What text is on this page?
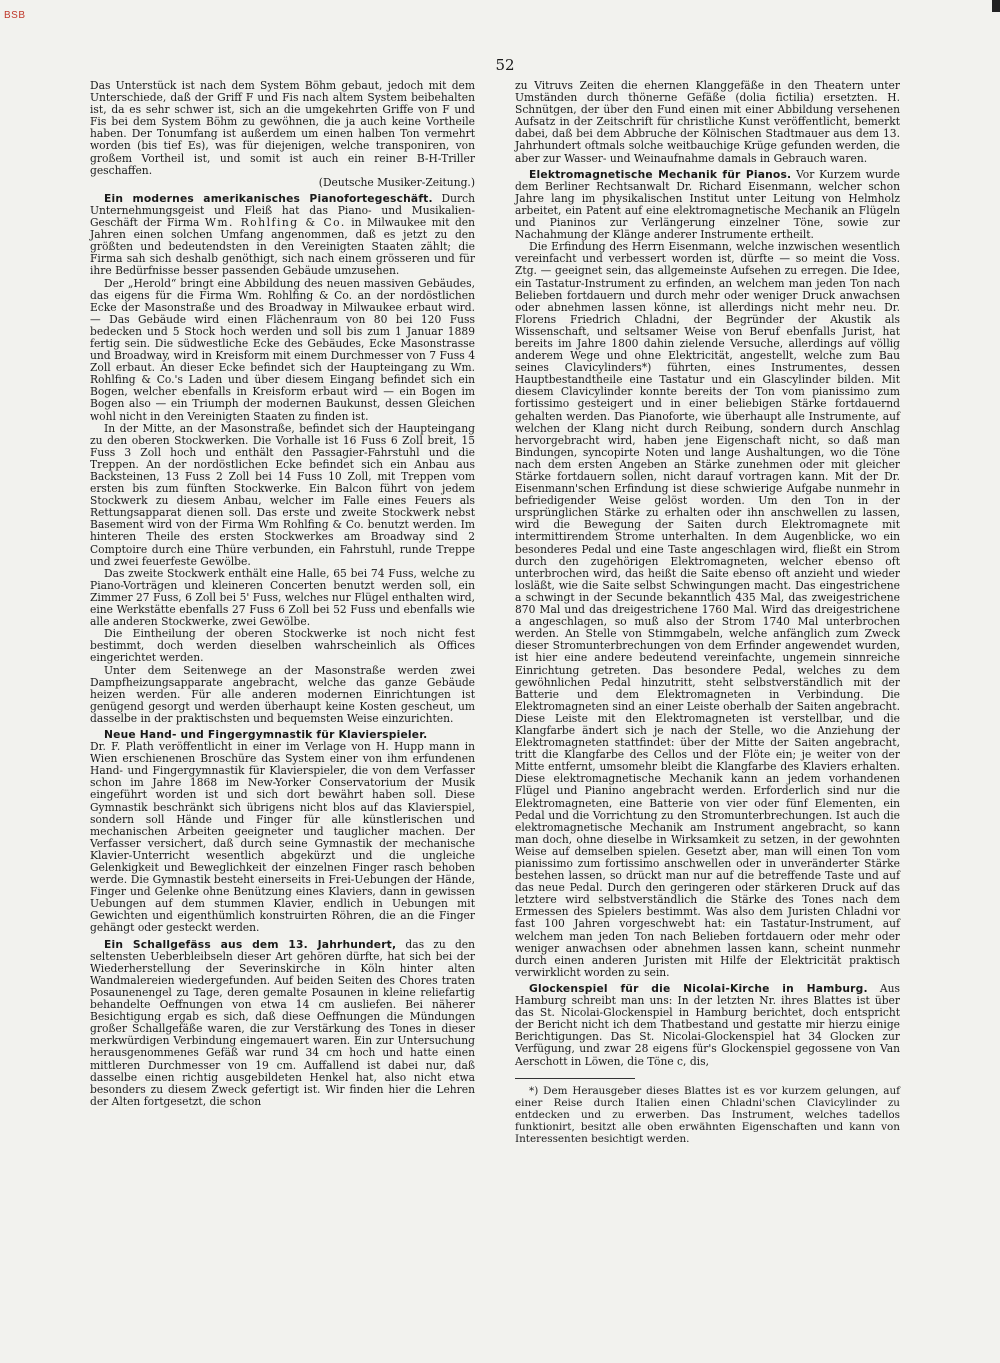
BSB
52

Das Unterstück ist nach dem System Böhm gebaut, jedoch mit dem Unterschiede, daß der Griff F und Fis nach altem System beibehalten ist, da es sehr schwer ist, sich an die umgekehrten Griffe von F und Fis bei dem System Böhm zu gewöhnen, die ja auch keine Vortheile haben. Der Tonumfang ist außerdem um einen halben Ton vermehrt worden (bis tief Es), was für diejenigen, welche transponiren, von großem Vortheil ist, und somit ist auch ein reiner B-H-Triller geschaffen.

(Deutsche Musiker-Zeitung.)

Ein modernes amerikanisches Pianofortegeschäft. Durch Unternehmungsgeist und Fleiß hat das Piano- und Musikalien-Geschäft der Firma Wm. Rohlfing & Co. in Milwaukee mit den Jahren einen solchen Umfang angenommen, daß es jetzt zu den größten und bedeutendsten in den Vereinigten Staaten zählt; die Firma sah sich deshalb genöthigt, sich nach einem grösseren und für ihre Bedürfnisse besser passenden Gebäude umzusehen.

Der „Herold“ bringt eine Abbildung des neuen massiven Gebäudes, das eigens für die Firma Wm. Rohlfing & Co. an der nordöstlichen Ecke der Masonstraße und des Broadway in Milwaukee erbaut wird. — Das Gebäude wird einen Flächenraum von 80 bei 120 Fuss bedecken und 5 Stock hoch werden und soll bis zum 1 Januar 1889 fertig sein. Die südwestliche Ecke des Gebäudes, Ecke Masonstrasse und Broadway, wird in Kreisform mit einem Durchmesser von 7 Fuss 4 Zoll erbaut. An dieser Ecke befindet sich der Haupteingang zu Wm. Rohlfing & Co.'s Laden und über diesem Eingang befindet sich ein Bogen, welcher ebenfalls in Kreisform erbaut wird — ein Bogen im Bogen also — ein Triumph der modernen Baukunst, dessen Gleichen wohl nicht in den Vereinigten Staaten zu finden ist.

In der Mitte, an der Masonstraße, befindet sich der Haupteingang zu den oberen Stockwerken. Die Vorhalle ist 16 Fuss 6 Zoll breit, 15 Fuss 3 Zoll hoch und enthält den Passagier-Fahrstuhl und die Treppen. An der nordöstlichen Ecke befindet sich ein Anbau aus Backsteinen, 13 Fuss 2 Zoll bei 14 Fuss 10 Zoll, mit Treppen vom ersten bis zum fünften Stockwerke. Ein Balcon führt von jedem Stockwerk zu diesem Anbau, welcher im Falle eines Feuers als Rettungsapparat dienen soll. Das erste und zweite Stockwerk nebst Basement wird von der Firma Wm Rohlfing & Co. benutzt werden. Im hinteren Theile des ersten Stockwerkes am Broadway sind 2 Comptoire durch eine Thüre verbunden, ein Fahrstuhl, runde Treppe und zwei feuerfeste Gewölbe.

Das zweite Stockwerk enthält eine Halle, 65 bei 74 Fuss, welche zu Piano-Vorträgen und kleineren Concerten benutzt werden soll, ein Zimmer 27 Fuss, 6 Zoll bei 5' Fuss, welches nur Flügel enthalten wird, eine Werkstätte ebenfalls 27 Fuss 6 Zoll bei 52 Fuss und ebenfalls wie alle anderen Stockwerke, zwei Gewölbe.

Die Eintheilung der oberen Stockwerke ist noch nicht fest bestimmt, doch werden dieselben wahrscheinlich als Offices eingerichtet werden.

Unter dem Seitenwege an der Masonstraße werden zwei Dampfheizungsapparate angebracht, welche das ganze Gebäude heizen werden. Für alle anderen modernen Einrichtungen ist genügend gesorgt und werden überhaupt keine Kosten gescheut, um dasselbe in der praktischsten und bequemsten Weise einzurichten.

Neue Hand- und Fingergymnastik für Klavierspieler.

Dr. F. Plath veröffentlicht in einer im Verlage von H. Hupp mann in Wien erschienenen Broschüre das System einer von ihm erfundenen Hand- und Fingergymnastik für Klavierspieler, die von dem Verfasser schon im Jahre 1868 im New-Yorker Conservatorium der Musik eingeführt worden ist und sich dort bewährt haben soll. Diese Gymnastik beschränkt sich übrigens nicht blos auf das Klavierspiel, sondern soll Hände und Finger für alle künstlerischen und mechanischen Arbeiten geeigneter und tauglicher machen. Der Verfasser versichert, daß durch seine Gymnastik der mechanische Klavier-Unterricht wesentlich abgekürzt und die ungleiche Gelenkigkeit und Beweglichkeit der einzelnen Finger rasch behoben werde. Die Gymnastik besteht einerseits in Frei-Uebungen der Hände, Finger und Gelenke ohne Benützung eines Klaviers, dann in gewissen Uebungen auf dem stummen Klavier, endlich in Uebungen mit Gewichten und eigenthümlich konstruirten Röhren, die an die Finger gehängt oder gesteckt werden.

Ein Schallgefäss aus dem 13. Jahrhundert, das zu den seltensten Ueberbleibseln dieser Art gehören dürfte, hat sich bei der Wiederherstellung der Severinskirche in Köln hinter alten Wandmalereien wiedergefunden. Auf beiden Seiten des Chores traten Posaunenengel zu Tage, deren gemalte Posaunen in kleine reliefartig behandelte Oeffnungen von etwa 14 cm ausliefen. Bei näherer Besichtigung ergab es sich, daß diese Oeffnungen die Mündungen großer Schallgefäße waren, die zur Verstärkung des Tones in dieser merkwürdigen Verbindung eingemauert waren. Ein zur Untersuchung herausgenommenes Gefäß war rund 34 cm hoch und hatte einen mittleren Durchmesser von 19 cm. Auffallend ist dabei nur, daß dasselbe einen richtig ausgebildeten Henkel hat, also nicht etwa besonders zu diesem Zweck gefertigt ist. Wir finden hier die Lehren der Alten fortgesetzt, die schon

zu Vitruvs Zeiten die ehernen Klanggefäße in den Theatern unter Umständen durch thönerne Gefäße (dolia fictilia) ersetzten. H. Schnütgen, der über den Fund einen mit einer Abbildung versehenen Aufsatz in der Zeitschrift für christliche Kunst veröffentlicht, bemerkt dabei, daß bei dem Abbruche der Kölnischen Stadtmauer aus dem 13. Jahrhundert oftmals solche weitbauchige Krüge gefunden werden, die aber zur Wasser- und Weinaufnahme damals in Gebrauch waren.

Elektromagnetische Mechanik für Pianos. Vor Kurzem wurde dem Berliner Rechtsanwalt Dr. Richard Eisenmann, welcher schon Jahre lang im physikalischen Institut unter Leitung von Helmholz arbeitet, ein Patent auf eine elektromagnetische Mechanik an Flügeln und Pianinos zur Verlängerung einzelner Töne, sowie zur Nachahmung der Klänge anderer Instrumente ertheilt.

Die Erfindung des Herrn Eisenmann, welche inzwischen wesentlich vereinfacht und verbessert worden ist, dürfte — so meint die Voss. Ztg. — geeignet sein, das allgemeinste Aufsehen zu erregen. Die Idee, ein Tastatur-Instrument zu erfinden, an welchem man jeden Ton nach Belieben fortdauern und durch mehr oder weniger Druck anwachsen oder abnehmen lassen könne, ist allerdings nicht mehr neu. Dr. Florens Friedrich Chladni, der Begründer der Akustik als Wissenschaft, und seltsamer Weise von Beruf ebenfalls Jurist, hat bereits im Jahre 1800 dahin zielende Versuche, allerdings auf völlig anderem Wege und ohne Elektricität, angestellt, welche zum Bau seines Clavicylinders*) führten, eines Instrumentes, dessen Hauptbestandtheile eine Tastatur und ein Glascylinder bilden. Mit diesem Clavicylinder konnte bereits der Ton vom pianissimo zum fortissimo gesteigert und in einer beliebigen Stärke fortdauernd gehalten werden. Das Pianoforte, wie überhaupt alle Instrumente, auf welchen der Klang nicht durch Reibung, sondern durch Anschlag hervorgebracht wird, haben jene Eigenschaft nicht, so daß man Bindungen, syncopirte Noten und lange Aushaltungen, wo die Töne nach dem ersten Angeben an Stärke zunehmen oder mit gleicher Stärke fortdauern sollen, nicht darauf vortragen kann. Mit der Dr. Eisenmann'schen Erfindung ist diese schwierige Aufgabe nunmehr in befriedigender Weise gelöst worden. Um den Ton in der ursprünglichen Stärke zu erhalten oder ihn anschwellen zu lassen, wird die Bewegung der Saiten durch Elektromagnete mit intermittirendem Strome unterhalten. In dem Augenblicke, wo ein besonderes Pedal und eine Taste angeschlagen wird, fließt ein Strom durch den zugehörigen Elektromagneten, welcher ebenso oft unterbrochen wird, das heißt die Saite ebenso oft anzieht und wieder losläßt, wie die Saite selbst Schwingungen macht. Das eingestrichene a schwingt in der Secunde bekanntlich 435 Mal, das zweigestrichene 870 Mal und das dreigestrichene 1760 Mal. Wird das dreigestrichene a angeschlagen, so muß also der Strom 1740 Mal unterbrochen werden. An Stelle von Stimmgabeln, welche anfänglich zum Zweck dieser Stromunterbrechungen von dem Erfinder angewendet wurden, ist hier eine andere bedeutend vereinfachte, ungemein sinnreiche Einrichtung getreten. Das besondere Pedal, welches zu dem gewöhnlichen Pedal hinzutritt, steht selbstverständlich mit der Batterie und dem Elektromagneten in Verbindung. Die Elektromagneten sind an einer Leiste oberhalb der Saiten angebracht. Diese Leiste mit den Elektromagneten ist verstellbar, und die Klangfarbe ändert sich je nach der Stelle, wo die Anziehung der Elektromagneten stattfindet: über der Mitte der Saiten angebracht, tritt die Klangfarbe des Cellos und der Flöte ein; je weiter von der Mitte entfernt, umsomehr bleibt die Klangfarbe des Klaviers erhalten. Diese elektromagnetische Mechanik kann an jedem vorhandenen Flügel und Pianino angebracht werden. Erforderlich sind nur die Elektromagneten, eine Batterie von vier oder fünf Elementen, ein Pedal und die Vorrichtung zu den Stromunterbrechungen. Ist auch die elektromagnetische Mechanik am Instrument angebracht, so kann man doch, ohne dieselbe in Wirksamkeit zu setzen, in der gewohnten Weise auf demselben spielen. Gesetzt aber, man will einen Ton vom pianissimo zum fortissimo anschwellen oder in unveränderter Stärke bestehen lassen, so drückt man nur auf die betreffende Taste und auf das neue Pedal. Durch den geringeren oder stärkeren Druck auf das letztere wird selbstverständlich die Stärke des Tones nach dem Ermessen des Spielers bestimmt. Was also dem Juristen Chladni vor fast 100 Jahren vorgeschwebt hat: ein Tastatur-Instrument, auf welchem man jeden Ton nach Belieben fortdauern oder mehr oder weniger anwachsen oder abnehmen lassen kann, scheint nunmehr durch einen anderen Juristen mit Hilfe der Elektricität praktisch verwirklicht worden zu sein.

Glockenspiel für die Nicolai-Kirche in Hamburg. Aus Hamburg schreibt man uns: In der letzten Nr. ihres Blattes ist über das St. Nicolai-Glockenspiel in Hamburg berichtet, doch entspricht der Bericht nicht ich dem Thatbestand und gestatte mir hierzu einige Berichtigungen. Das St. Nicolai-Glockenspiel hat 34 Glocken zur Verfügung, und zwar 28 eigens für's Glockenspiel gegossene von Van Aerschott in Löwen, die Töne c, dis,

*) Dem Herausgeber dieses Blattes ist es vor kurzem gelungen, auf einer Reise durch Italien einen Chladni'schen Clavicylinder zu entdecken und zu erwerben. Das Instrument, welches tadellos funktionirt, besitzt alle oben erwähnten Eigenschaften und kann von Interessenten besichtigt werden.
